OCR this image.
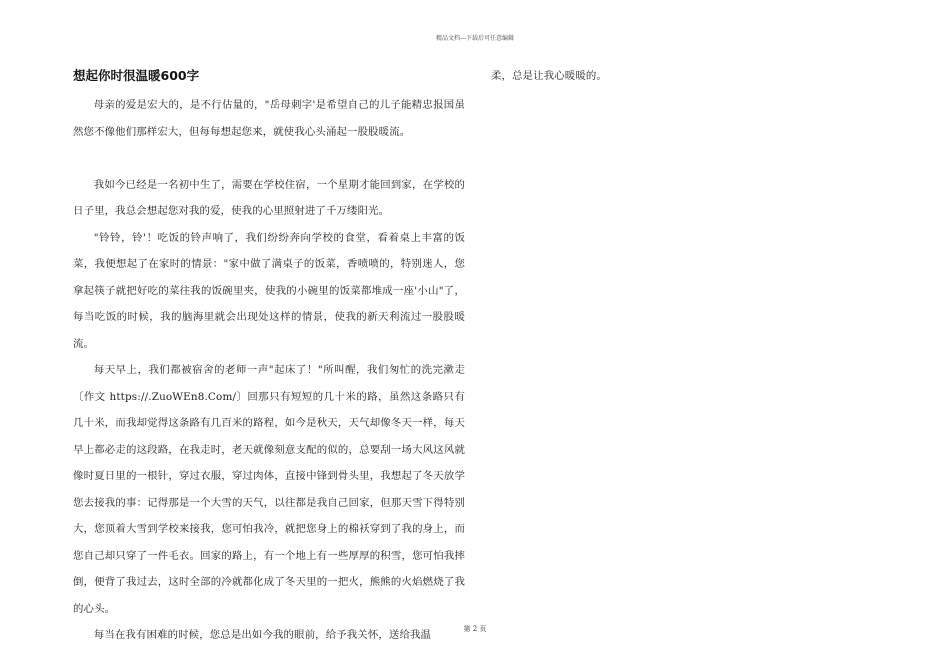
精品文档---下载后可任意编辑
想起你时很温暖600字

母亲的爱是宏大的，是不行估量的，"岳母刺字'是希望自己的儿子能精忠报国虽然您不像他们那样宏大，但每每想起您来，就使我心头涌起一股股暖流。

我如今已经是一名初中生了，需要在学校住宿，一个星期才能回到家，在学校的日子里，我总会想起您对我的爱，使我的心里照射进了千万缕阳光。

"铃铃，铃'！吃饭的铃声响了，我们纷纷奔向学校的食堂，看着桌上丰富的饭菜，我便想起了在家时的情景："家中做了满桌子的饭菜，香喷喷的，特别迷人，您拿起筷子就把好吃的菜往我的饭碗里夹，使我的小碗里的饭菜都堆成一座'小山"了，每当吃饭的时候，我的脑海里就会出现处这样的情景，使我的新天利流过一股股暖流。

每天早上，我们都被宿舍的老师一声"起床了！"所叫醒，我们匆忙的洗完漱走〔作文 https://.ZuoWEn8.Com/〕回那只有短短的几十米的路，虽然这条路只有几十米，而我却觉得这条路有几百米的路程，如今是秋天，天气却像冬天一样，每天早上都必走的这段路，在我走时，老天就像刻意支配的似的，总要刮一场大风这风就像时夏日里的一根针，穿过衣服，穿过肉体，直接中锋到骨头里，我想起了冬天放学您去接我的事：记得那是一个大雪的天气，以往都是我自己回家，但那天雪下得特别大，您顶着大雪到学校来接我，您可怕我冷，就把您身上的棉袄穿到了我的身上，而您自己却只穿了一件毛衣。回家的路上，有一个地上有一些厚厚的积雪，您可怕我摔倒，便背了我过去，这时全部的冷就都化成了冬天里的一把火，熊熊的火焰燃烧了我的心头。

每当在我有困难的时候，您总是出如今我的眼前，给予我关怀，送给我温

柔，总是让我心暖暖的。

第 2 页
